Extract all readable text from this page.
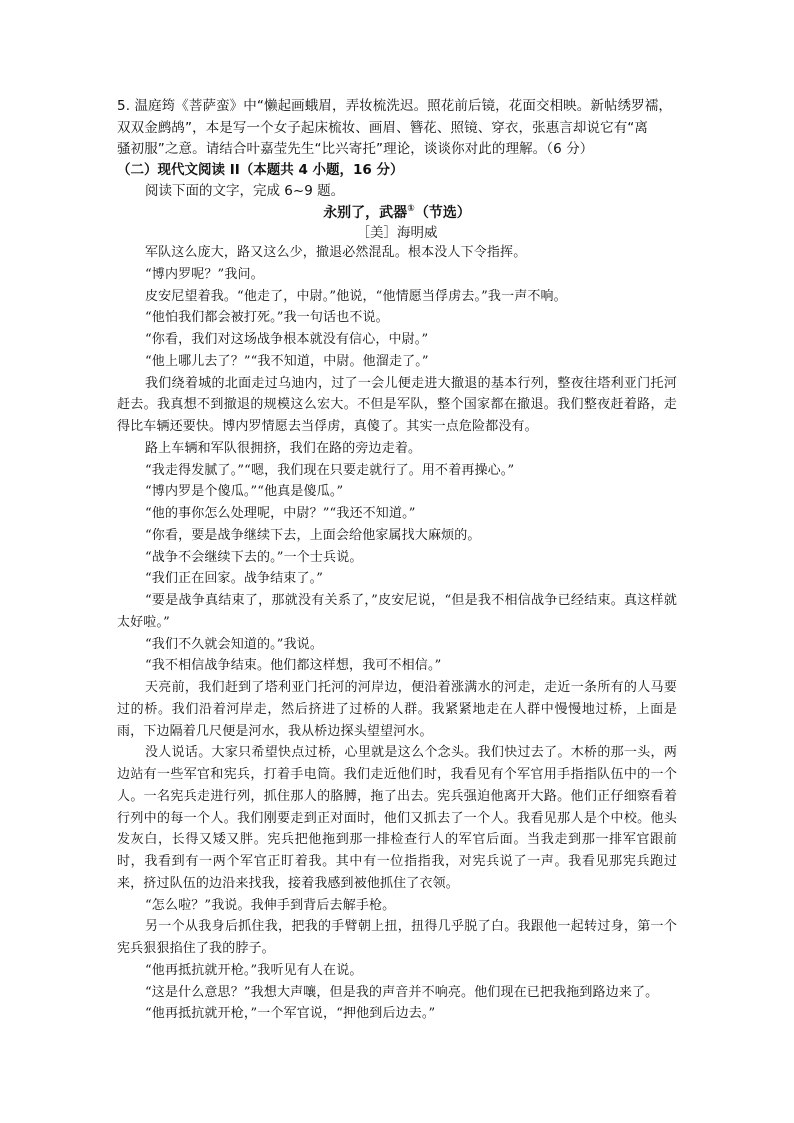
5. 温庭筠《菩萨蛮》中“懒起画蛾眉，弄妆梳洗迟。照花前后镜，花面交相映。新帖绣罗襦，
双双金鹧鸪”，本是写一个女子起床梳妆、画眉、簪花、照镜、穿衣，张惠言却说它有“离
骚初服”之意。请结合叶嘉莹先生“比兴寄托”理论，谈谈你对此的理解。（6 分）
（二）现代文阅读 II（本题共 4 小题，16 分）
阅读下面的文字，完成 6~9 题。
永别了，武器①（节选）
［美］海明威

军队这么庞大，路又这么少，撤退必然混乱。根本没人下令指挥。

“博内罗呢？”我问。

皮安尼望着我。“他走了，中尉。”他说，“他情愿当俘虏去。”我一声不响。

“他怕我们都会被打死。”我一句话也不说。

“你看，我们对这场战争根本就没有信心，中尉。”

“他上哪儿去了？”“我不知道，中尉。他溜走了。”

我们绕着城的北面走过乌迪内，过了一会儿便走进大撤退的基本行列，整夜往塔利亚门托河赶去。我真想不到撤退的规模这么宏大。不但是军队，整个国家都在撤退。我们整夜赶着路，走得比车辆还要快。博内罗情愿去当俘虏，真傻了。其实一点危险都没有。

路上车辆和军队很拥挤，我们在路的旁边走着。

“我走得发腻了。”“嗯，我们现在只要走就行了。用不着再操心。”

“博内罗是个傻瓜。”“他真是傻瓜。”

“他的事你怎么处理呢，中尉？”“我还不知道。”

“你看，要是战争继续下去，上面会给他家属找大麻烦的。

“战争不会继续下去的。”一个士兵说。

“我们正在回家。战争结束了。”

“要是战争真结束了，那就没有关系了，”皮安尼说，“但是我不相信战争已经结束。真这样就太好啦。”

“我们不久就会知道的。”我说。

“我不相信战争结束。他们都这样想，我可不相信。”

天亮前，我们赶到了塔利亚门托河的河岸边，便沿着涨满水的河走，走近一条所有的人马要过的桥。我们沿着河岸走，然后挤进了过桥的人群。我紧紧地走在人群中慢慢地过桥，上面是雨，下边隔着几尺便是河水，我从桥边探头望望河水。

没人说话。大家只希望快点过桥，心里就是这么个念头。我们快过去了。木桥的那一头，两边站有一些军官和宪兵，打着手电筒。我们走近他们时，我看见有个军官用手指指队伍中的一个人。一名宪兵走进行列，抓住那人的胳膊，拖了出去。宪兵强迫他离开大路。他们正仔细察看着行列中的每一个人。我们刚要走到正对面时，他们又抓去了一个人。我看见那人是个中校。他头发灰白，长得又矮又胖。宪兵把他拖到那一排检查行人的军官后面。当我走到那一排军官跟前时，我看到有一两个军官正盯着我。其中有一位指指我，对宪兵说了一声。我看见那宪兵跑过来，挤过队伍的边沿来找我，接着我感到被他抓住了衣领。

“怎么啦？”我说。我伸手到背后去解手枪。

另一个从我身后抓住我，把我的手臂朝上扭，扭得几乎脱了白。我跟他一起转过身，第一个宪兵狠狠掐住了我的脖子。

“他再抵抗就开枪。”我听见有人在说。

“这是什么意思？”我想大声嚷，但是我的声音并不响亮。他们现在已把我拖到路边来了。

“他再抵抗就开枪，”一个军官说，“押他到后边去。”
